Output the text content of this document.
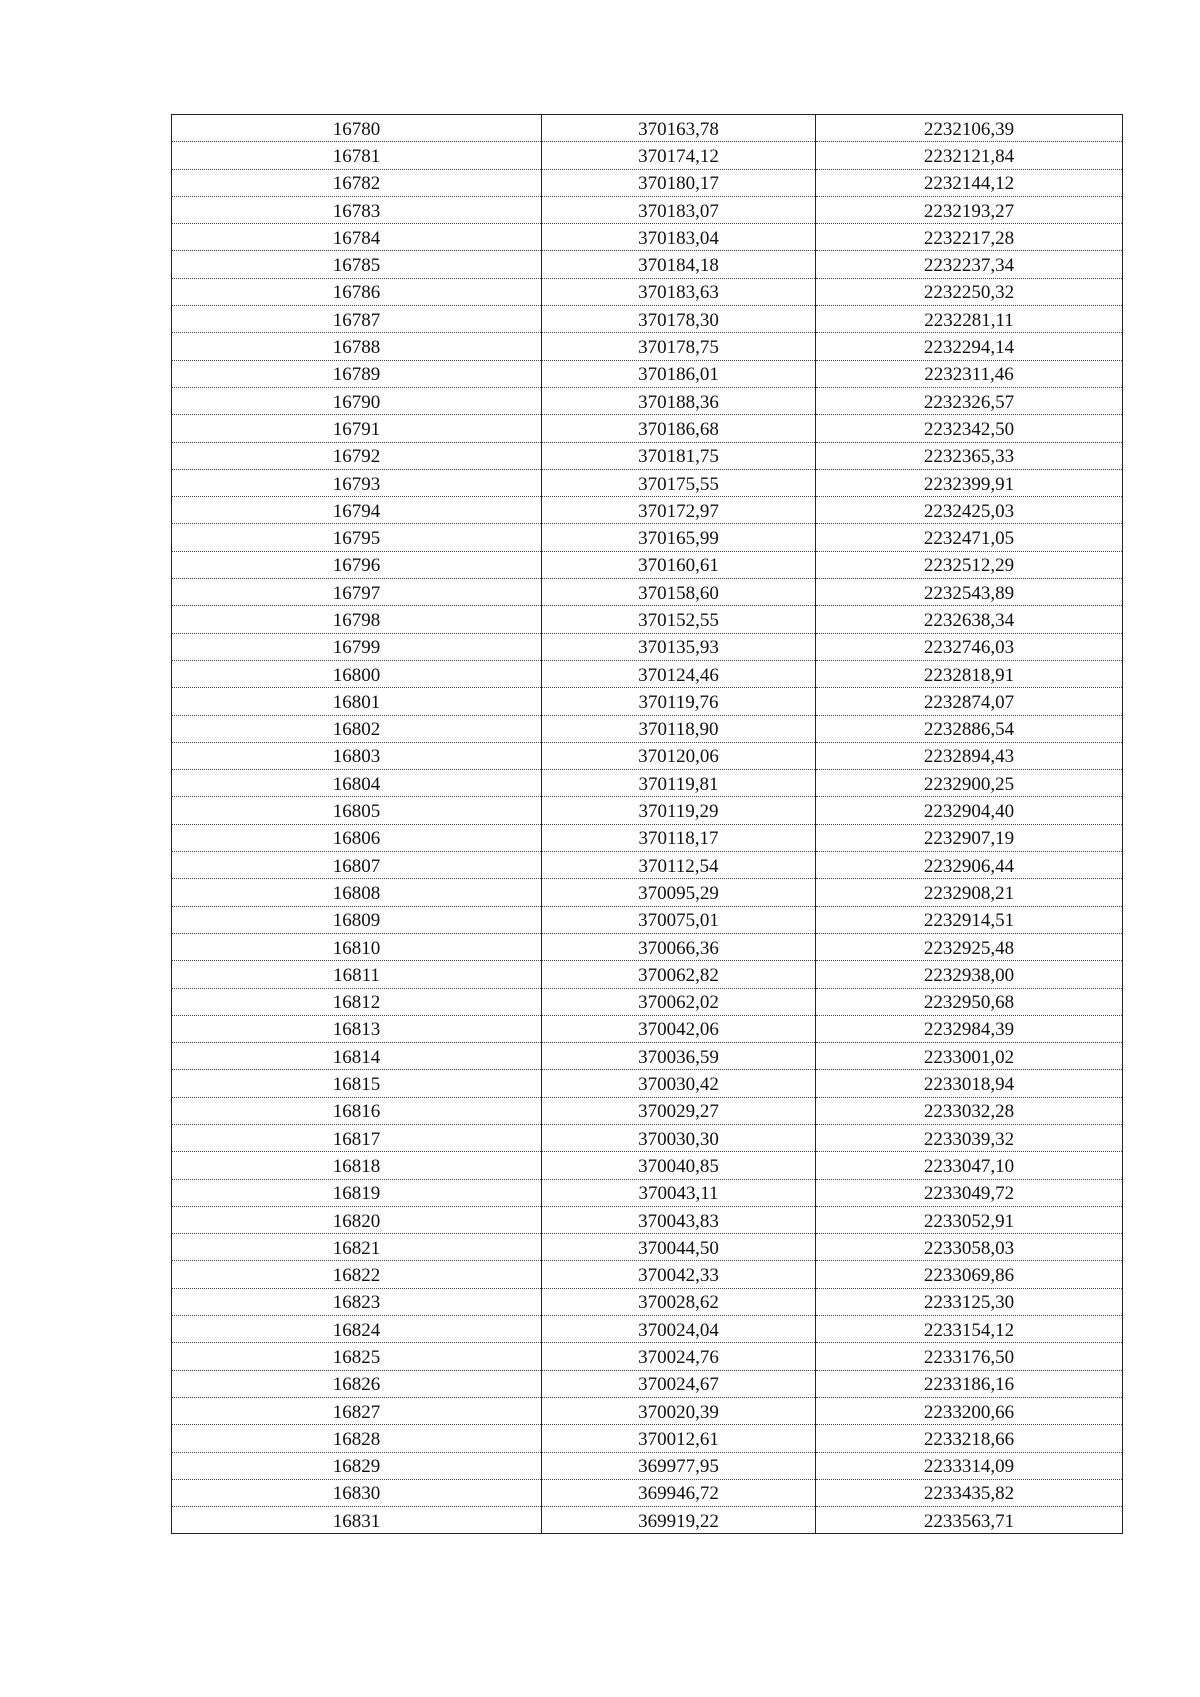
16780	370163,78	2232106,39
16781	370174,12	2232121,84
16782	370180,17	2232144,12
16783	370183,07	2232193,27
16784	370183,04	2232217,28
16785	370184,18	2232237,34
16786	370183,63	2232250,32
16787	370178,30	2232281,11
16788	370178,75	2232294,14
16789	370186,01	2232311,46
16790	370188,36	2232326,57
16791	370186,68	2232342,50
16792	370181,75	2232365,33
16793	370175,55	2232399,91
16794	370172,97	2232425,03
16795	370165,99	2232471,05
16796	370160,61	2232512,29
16797	370158,60	2232543,89
16798	370152,55	2232638,34
16799	370135,93	2232746,03
16800	370124,46	2232818,91
16801	370119,76	2232874,07
16802	370118,90	2232886,54
16803	370120,06	2232894,43
16804	370119,81	2232900,25
16805	370119,29	2232904,40
16806	370118,17	2232907,19
16807	370112,54	2232906,44
16808	370095,29	2232908,21
16809	370075,01	2232914,51
16810	370066,36	2232925,48
16811	370062,82	2232938,00
16812	370062,02	2232950,68
16813	370042,06	2232984,39
16814	370036,59	2233001,02
16815	370030,42	2233018,94
16816	370029,27	2233032,28
16817	370030,30	2233039,32
16818	370040,85	2233047,10
16819	370043,11	2233049,72
16820	370043,83	2233052,91
16821	370044,50	2233058,03
16822	370042,33	2233069,86
16823	370028,62	2233125,30
16824	370024,04	2233154,12
16825	370024,76	2233176,50
16826	370024,67	2233186,16
16827	370020,39	2233200,66
16828	370012,61	2233218,66
16829	369977,95	2233314,09
16830	369946,72	2233435,82
16831	369919,22	2233563,71
